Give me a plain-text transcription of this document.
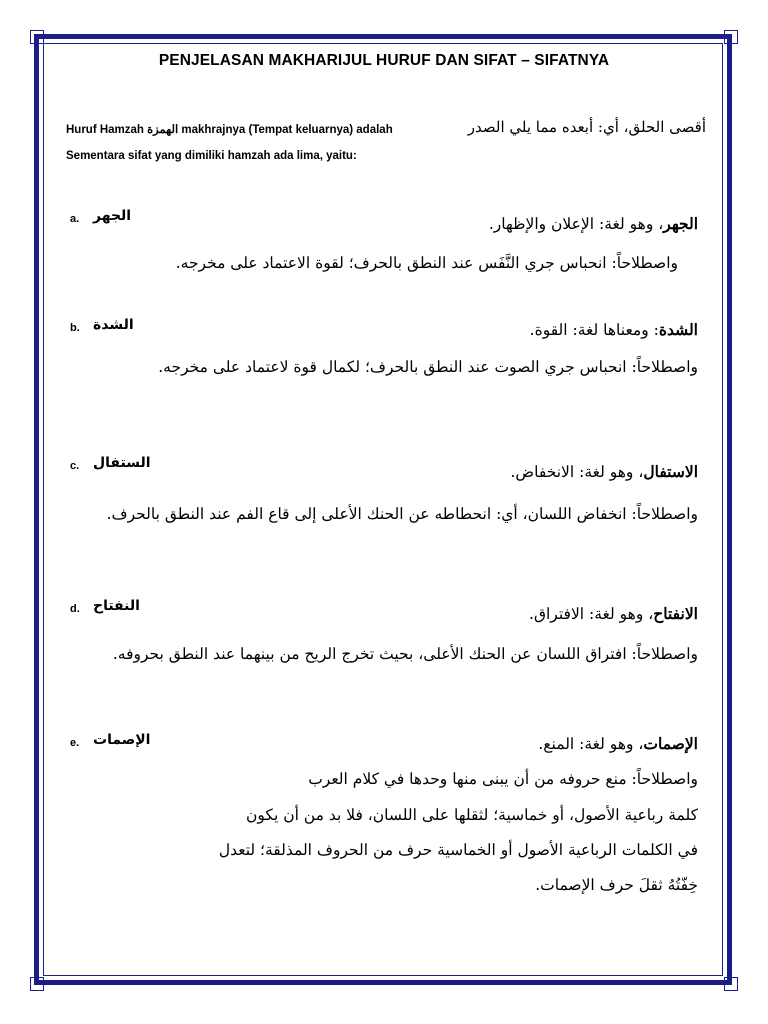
PENJELASAN MAKHARIJUL HURUF DAN SIFAT – SIFATNYA
Huruf Hamzah الهمزة makhrajnya (Tempat keluarnya) adalah	أقصى الحلق، أي: أبعده مما يلي الصدر
Sementara sifat yang dimiliki hamzah ada lima, yaitu:
a. الجهر	الجهر، وهو لغة: الإعلان والإظهار.
واصطلاحاً: انحباس جري النَّفَس عند النطق بالحرف؛ لقوة الاعتماد على مخرجه.
b. الشدة	الشدة: ومعناها لغة: القوة.
واصطلاحاً: انحباس جري الصوت عند النطق بالحرف؛ لكمال قوة لاعتماد على مخرجه.
c. الستفال	الاستفال، وهو لغة: الانخفاض.
واصطلاحاً: انخفاض اللسان، أي: انحطاطه عن الحنك الأعلى إلى قاع الفم عند النطق بالحرف.
d. النفتاح	الانفتاح، وهو لغة: الافتراق.
واصطلاحاً: افتراق اللسان عن الحنك الأعلى، بحيث تخرج الريح من بينهما عند النطق بحروفه.
e. الإصمات	الإصمات، وهو لغة: المنع.
واصطلاحاً: منع حروفه من أن يبنى منها وحدها في كلام العرب
كلمة رباعية الأصول، أو خماسية؛ لثقلها على اللسان، فلا بد من أن يكون
في الكلمات الرباعية الأصول أو الخماسية حرف من الحروف المذلقة؛ لتعدل
خِفّتُهُ ثقلَ حرف الإصمات.
